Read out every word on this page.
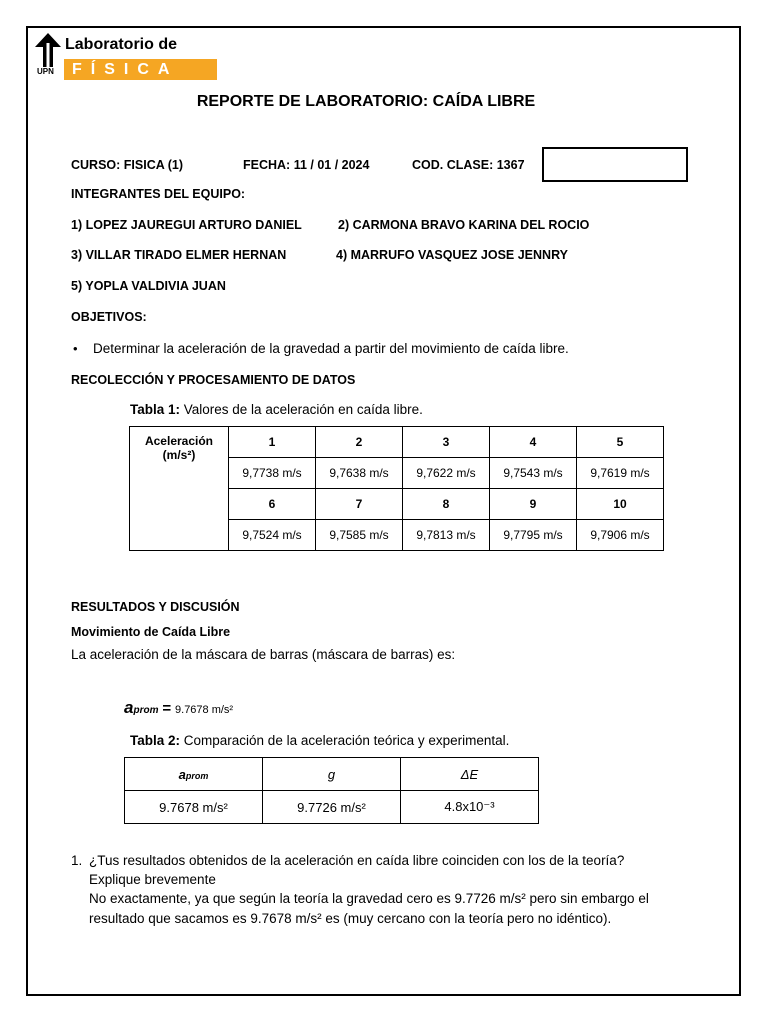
UPN
Laboratorio de
FÍSICA
REPORTE DE LABORATORIO: CAÍDA LIBRE
CURSO: FISICA (1)	FECHA: 11 / 01 / 2024	COD. CLASE: 1367
INTEGRANTES DEL EQUIPO:
1) LOPEZ JAUREGUI ARTURO DANIEL	2) CARMONA BRAVO KARINA DEL ROCIO
3) VILLAR TIRADO ELMER HERNAN	4) MARRUFO VASQUEZ JOSE JENNRY
5) YOPLA VALDIVIA JUAN
OBJETIVOS:
• Determinar la aceleración de la gravedad a partir del movimiento de caída libre.
RECOLECCIÓN Y PROCESAMIENTO DE DATOS
Tabla 1: Valores de la aceleración en caída libre.
Aceleración
(m/s²)	1	2	3	4	5
	9,7738 m/s	9,7638 m/s	9,7622 m/s	9,7543 m/s	9,7619 m/s
	6	7	8	9	10
	9,7524 m/s	9,7585 m/s	9,7813 m/s	9,7795 m/s	9,7906 m/s
RESULTADOS Y DISCUSIÓN
Movimiento de Caída Libre
La aceleración de la máscara de barras (máscara de barras) es:
aprom = 9.7678 m/s²
Tabla 2: Comparación de la aceleración teórica y experimental.
aprom	g	ΔE
9.7678 m/s²	9.7726 m/s²	4.8x10⁻³
1. ¿Tus resultados obtenidos de la aceleración en caída libre coinciden con los de la teoría?
Explique brevemente
No exactamente, ya que según la teoría la gravedad cero es 9.7726 m/s² pero sin embargo el
resultado que sacamos es 9.7678 m/s² es (muy cercano con la teoría pero no idéntico).
